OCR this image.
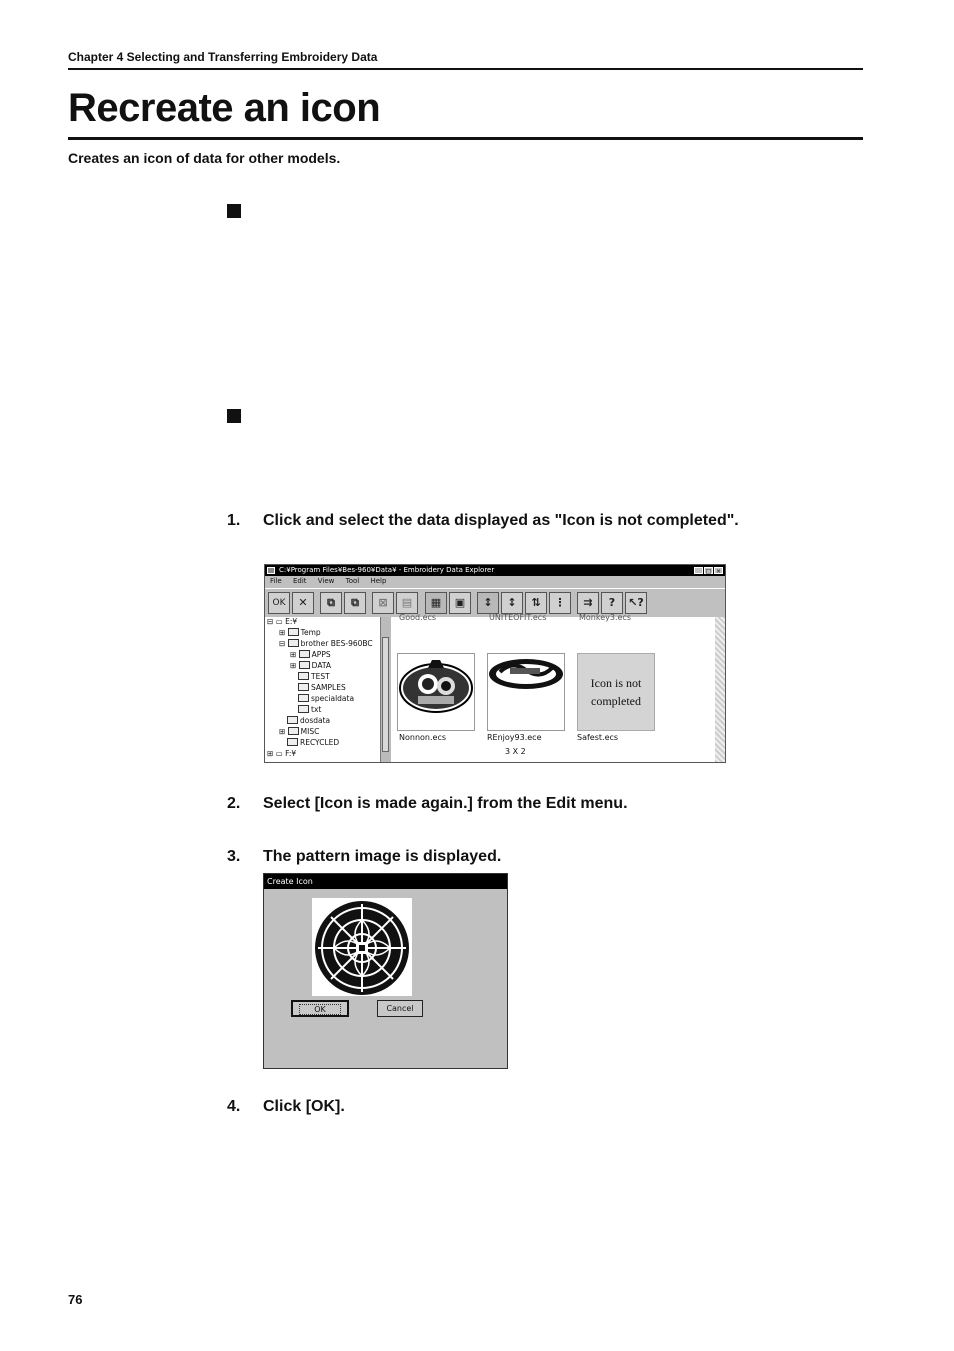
Chapter 4 Selecting and Transferring Embroidery Data
Recreate an icon
Creates an icon of data for other models.
1. Click and select the data displayed as "Icon is not completed".
C:¥Program Files¥Bes-960¥Data¥ - Embroidery Data Explorer	_ □ ×
File Edit View Tool Help
OK	✕	⧉	⧉	⊠	▤	▦	▣	↕	↕	⇅	⋮	⇉	?	↖?
⊟ ▭ E:¥
⊞ Temp
⊟ brother BES-960BC
⊞ APPS
⊞ DATA
TEST
SAMPLES
specialdata
txt
dosdata
⊞ MISC
RECYCLED
⊞ ▭ F:¥
Good.ecs	UNITEOFIT.ecs	Monkey3.ecs
Icon is not completed
Nonnon.ecs	REnjoy93.ece	Safest.ecs
3 X 2
2. Select [Icon is made again.] from the Edit menu.
3. The pattern image is displayed.
Create Icon
OK	Cancel
4. Click [OK].
76
